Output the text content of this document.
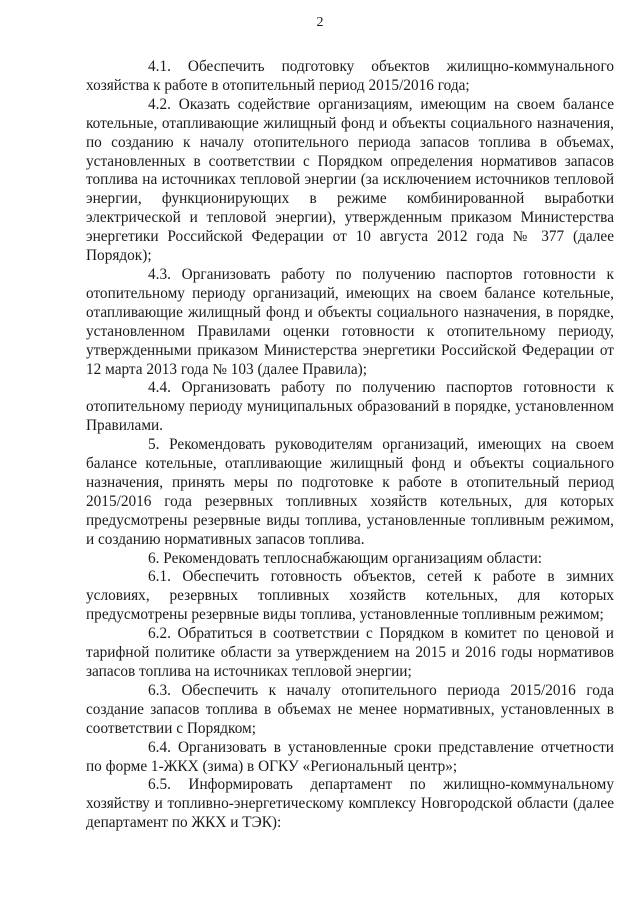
2

4.1. Обеспечить подготовку объектов жилищно-коммунального хозяйства к работе в отопительный период 2015/2016 года;

4.2. Оказать содействие организациям, имеющим на своем балансе котельные, отапливающие жилищный фонд и объекты социального назначения, по созданию к началу отопительного периода запасов топлива в объемах, установленных в соответствии с Порядком определения нормативов запасов топлива на источниках тепловой энергии (за исключением источников тепловой энергии, функционирующих в режиме комбинированной выработки электрической и тепловой энергии), утвержденным приказом Министерства энергетики Российской Федерации от 10 августа 2012 года № 377 (далее Порядок);

4.3. Организовать работу по получению паспортов готовности к отопительному периоду организаций, имеющих на своем балансе котельные, отапливающие жилищный фонд и объекты социального назначения, в порядке, установленном Правилами оценки готовности к отопительному периоду, утвержденными приказом Министерства энергетики Российской Федерации от 12 марта 2013 года № 103 (далее Правила);

4.4. Организовать работу по получению паспортов готовности к отопительному периоду муниципальных образований в порядке, установленном Правилами.

5. Рекомендовать руководителям организаций, имеющих на своем балансе котельные, отапливающие жилищный фонд и объекты социального назначения, принять меры по подготовке к работе в отопительный период 2015/2016 года резервных топливных хозяйств котельных, для которых предусмотрены резервные виды топлива, установленные топливным режимом, и созданию нормативных запасов топлива.

6. Рекомендовать теплоснабжающим организациям области:

6.1. Обеспечить готовность объектов, сетей к работе в зимних условиях, резервных топливных хозяйств котельных, для которых предусмотрены резервные виды топлива, установленные топливным режимом;

6.2. Обратиться в соответствии с Порядком в комитет по ценовой и тарифной политике области за утверждением на 2015 и 2016 годы нормативов запасов топлива на источниках тепловой энергии;

6.3. Обеспечить к началу отопительного периода 2015/2016 года создание запасов топлива в объемах не менее нормативных, установленных в соответствии с Порядком;

6.4. Организовать в установленные сроки представление отчетности по форме 1-ЖКХ (зима) в ОГКУ «Региональный центр»;

6.5. Информировать департамент по жилищно-коммунальному хозяйству и топливно-энергетическому комплексу Новгородской области (далее департамент по ЖКХ и ТЭК):
